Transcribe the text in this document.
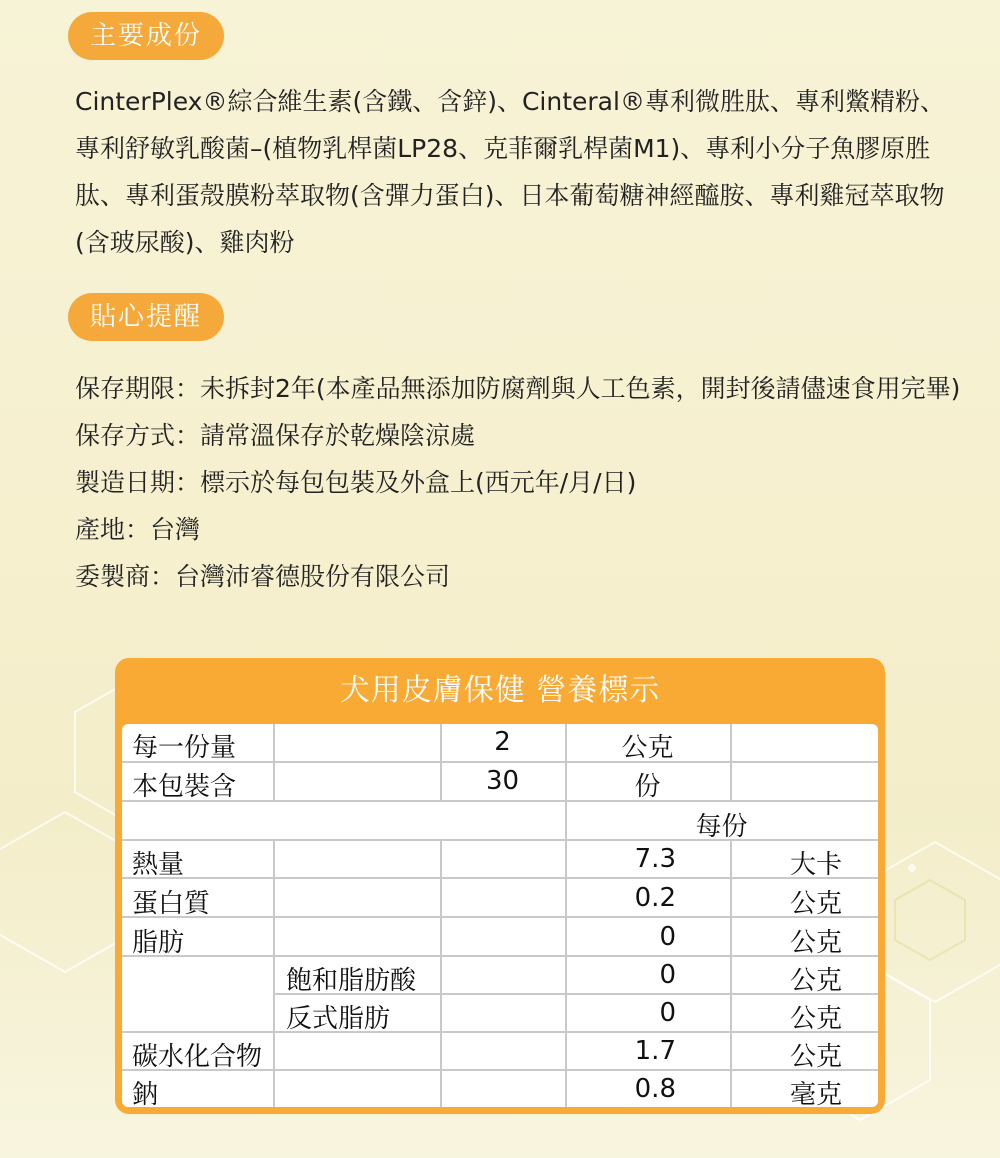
主要成份

CinterPlex®綜合維生素(含鐵、含鋅)、Cinteral®專利微胜肽、專利鱉精粉、專利舒敏乳酸菌–(植物乳桿菌LP28、克菲爾乳桿菌M1)、專利小分子魚膠原胜肽、專利蛋殼膜粉萃取物(含彈力蛋白)、日本葡萄糖神經醯胺、專利雞冠萃取物(含玻尿酸)、雞肉粉

貼心提醒
保存期限：未拆封2年(本產品無添加防腐劑與人工色素，開封後請儘速食用完畢)
保存方式：請常溫保存於乾燥陰涼處
製造日期：標示於每包包裝及外盒上(西元年/月/日)
產地：台灣
委製商：台灣沛睿德股份有限公司
犬用皮膚保健 營養標示
每一份量	2	公克
本包裝含	30	份
每份
熱量	7.3	大卡
蛋白質	0.2	公克
脂肪	0	公克
飽和脂肪酸	0	公克
反式脂肪	0	公克
碳水化合物	1.7	公克
鈉	0.8	毫克
